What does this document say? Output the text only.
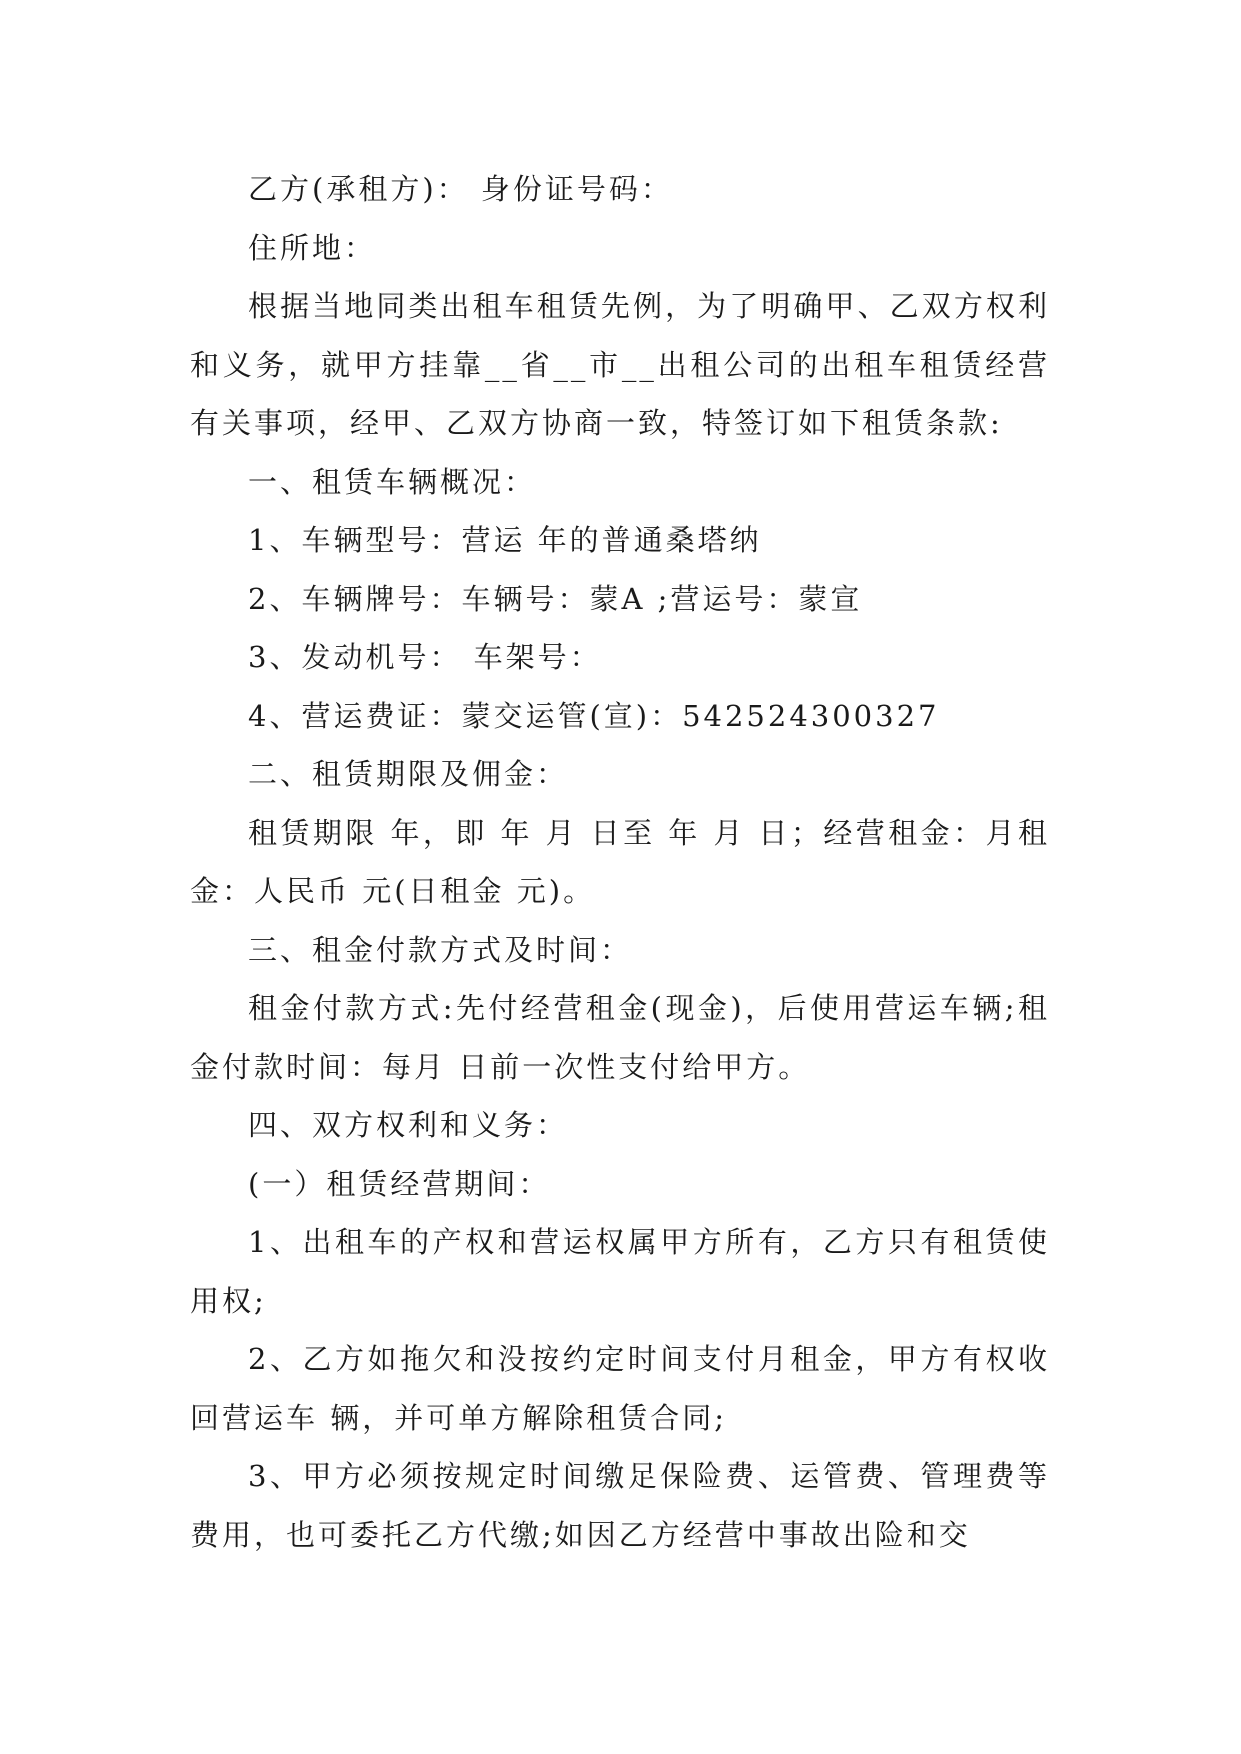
乙方(承租方)： 身份证号码：

住所地：

根据当地同类出租车租赁先例，为了明确甲、乙双方权利和义务，就甲方挂靠__省__市__出租公司的出租车租赁经营有关事项，经甲、乙双方协商一致，特签订如下租赁条款:

一、租赁车辆概况：

1、车辆型号：营运 年的普通桑塔纳

2、车辆牌号：车辆号：蒙A ;营运号：蒙宣

3、发动机号： 车架号：

4、营运费证：蒙交运管(宣)：542524300327

二、租赁期限及佣金：

租赁期限 年，即 年 月 日至 年 月 日；经营租金：月租金：人民币 元(日租金 元)。

三、租金付款方式及时间：

租金付款方式:先付经营租金(现金)，后使用营运车辆;租金付款时间：每月 日前一次性支付给甲方。

四、双方权利和义务：

(一）租赁经营期间：

1、出租车的产权和营运权属甲方所有，乙方只有租赁使用权;

2、乙方如拖欠和没按约定时间支付月租金，甲方有权收回营运车 辆，并可单方解除租赁合同;

3、甲方必须按规定时间缴足保险费、运管费、管理费等费用，也可委托乙方代缴;如因乙方经营中事故出险和交
